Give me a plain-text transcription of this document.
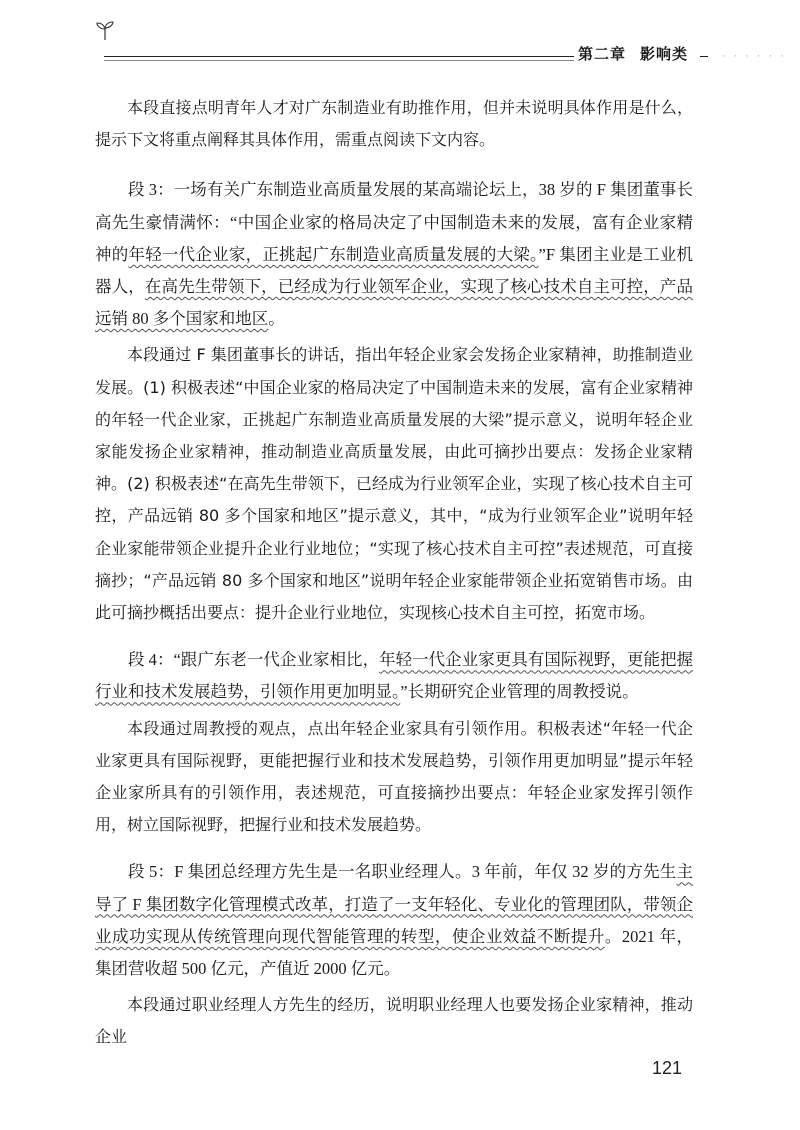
第二章 影响类	· · · · · ·

本段直接点明青年人才对广东制造业有助推作用，但并未说明具体作用是什么，提示下文将重点阐释其具体作用，需重点阅读下文内容。

段 3：一场有关广东制造业高质量发展的某高端论坛上，38 岁的 F 集团董事长高先生豪情满怀：“中国企业家的格局决定了中国制造未来的发展，富有企业家精神的年轻一代企业家，正挑起广东制造业高质量发展的大梁。”F 集团主业是工业机器人，在高先生带领下，已经成为行业领军企业，实现了核心技术自主可控，产品远销 80 多个国家和地区。

本段通过 F 集团董事长的讲话，指出年轻企业家会发扬企业家精神，助推制造业发展。(1) 积极表述“中国企业家的格局决定了中国制造未来的发展，富有企业家精神的年轻一代企业家，正挑起广东制造业高质量发展的大梁”提示意义，说明年轻企业家能发扬企业家精神，推动制造业高质量发展，由此可摘抄出要点：发扬企业家精神。(2) 积极表述“在高先生带领下，已经成为行业领军企业，实现了核心技术自主可控，产品远销 80 多个国家和地区”提示意义，其中，“成为行业领军企业”说明年轻企业家能带领企业提升企业行业地位；“实现了核心技术自主可控”表述规范，可直接摘抄；“产品远销 80 多个国家和地区”说明年轻企业家能带领企业拓宽销售市场。由此可摘抄概括出要点：提升企业行业地位，实现核心技术自主可控，拓宽市场。

段 4：“跟广东老一代企业家相比，年轻一代企业家更具有国际视野，更能把握行业和技术发展趋势，引领作用更加明显。”长期研究企业管理的周教授说。

本段通过周教授的观点，点出年轻企业家具有引领作用。积极表述“年轻一代企业家更具有国际视野，更能把握行业和技术发展趋势，引领作用更加明显”提示年轻企业家所具有的引领作用，表述规范，可直接摘抄出要点：年轻企业家发挥引领作用，树立国际视野，把握行业和技术发展趋势。

段 5：F 集团总经理方先生是一名职业经理人。3 年前，年仅 32 岁的方先生主导了 F 集团数字化管理模式改革，打造了一支年轻化、专业化的管理团队，带领企业成功实现从传统管理向现代智能管理的转型，使企业效益不断提升。2021 年，集团营收超 500 亿元，产值近 2000 亿元。

本段通过职业经理人方先生的经历，说明职业经理人也要发扬企业家精神，推动企业

121
